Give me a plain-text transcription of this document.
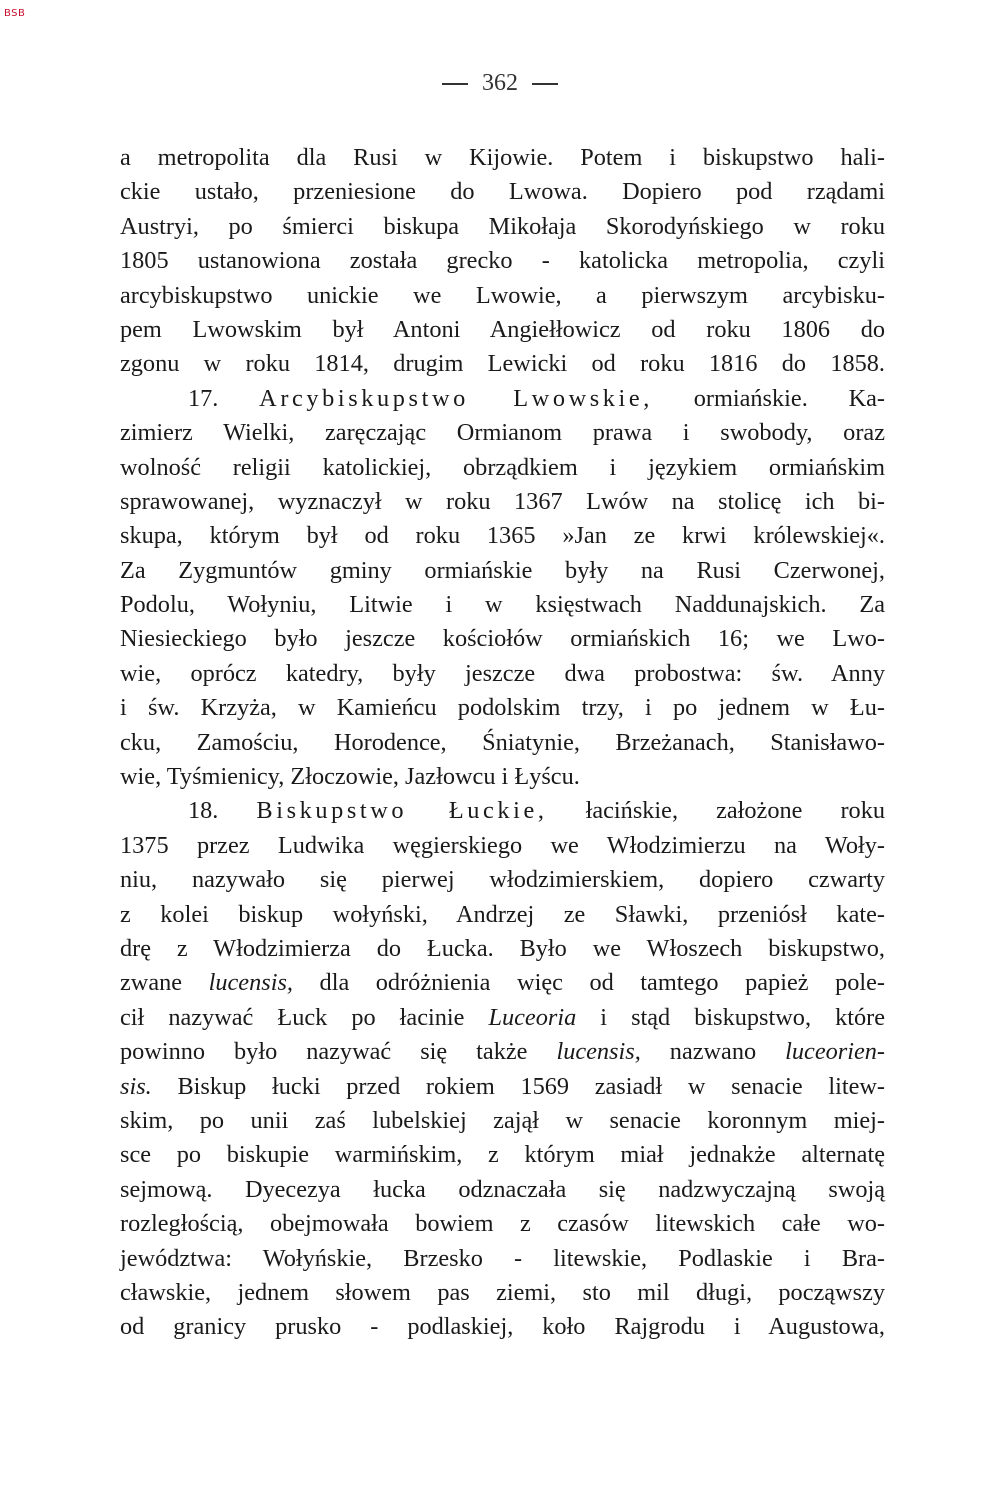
BSB
362
a metropolita dla Rusi w Kijowie. Potem i biskupstwo hali-
ckie ustało, przeniesione do Lwowa. Dopiero pod rządami
Austryi, po śmierci biskupa Mikołaja Skorodyńskiego w roku
1805 ustanowiona została grecko - katolicka metropolia, czyli
arcybiskupstwo unickie we Lwowie, a pierwszym arcybisku-
pem Lwowskim był Antoni Angiełłowicz od roku 1806 do
zgonu w roku 1814, drugim Lewicki od roku 1816 do 1858.
17. Arcybiskupstwo Lwowskie, ormiańskie. Ka-
zimierz Wielki, zaręczając Ormianom prawa i swobody, oraz
wolność religii katolickiej, obrządkiem i językiem ormiańskim
sprawowanej, wyznaczył w roku 1367 Lwów na stolicę ich bi-
skupa, którym był od roku 1365 »Jan ze krwi królewskiej«.
Za Zygmuntów gminy ormiańskie były na Rusi Czerwonej,
Podolu, Wołyniu, Litwie i w księstwach Naddunajskich. Za
Niesieckiego było jeszcze kościołów ormiańskich 16; we Lwo-
wie, oprócz katedry, były jeszcze dwa probostwa: św. Anny
i św. Krzyża, w Kamieńcu podolskim trzy, i po jednem w Łu-
cku, Zamościu, Horodence, Śniatynie, Brzeżanach, Stanisławo-
wie, Tyśmienicy, Złoczowie, Jazłowcu i Łyścu.
18. Biskupstwo Łuckie, łacińskie, założone roku
1375 przez Ludwika węgierskiego we Włodzimierzu na Woły-
niu, nazywało się pierwej włodzimierskiem, dopiero czwarty
z kolei biskup wołyński, Andrzej ze Sławki, przeniósł kate-
drę z Włodzimierza do Łucka. Było we Włoszech biskupstwo,
zwane lucensis, dla odróżnienia więc od tamtego papież pole-
cił nazywać Łuck po łacinie Luceoria i stąd biskupstwo, które
powinno było nazywać się także lucensis, nazwano luceorien-
sis. Biskup łucki przed rokiem 1569 zasiadł w senacie litew-
skim, po unii zaś lubelskiej zajął w senacie koronnym miej-
sce po biskupie warmińskim, z którym miał jednakże alternatę
sejmową. Dyecezya łucka odznaczała się nadzwyczajną swoją
rozległością, obejmowała bowiem z czasów litewskich całe wo-
jewództwa: Wołyńskie, Brzesko - litewskie, Podlaskie i Bra-
cławskie, jednem słowem pas ziemi, sto mil długi, począwszy
od granicy prusko - podlaskiej, koło Rajgrodu i Augustowa,
